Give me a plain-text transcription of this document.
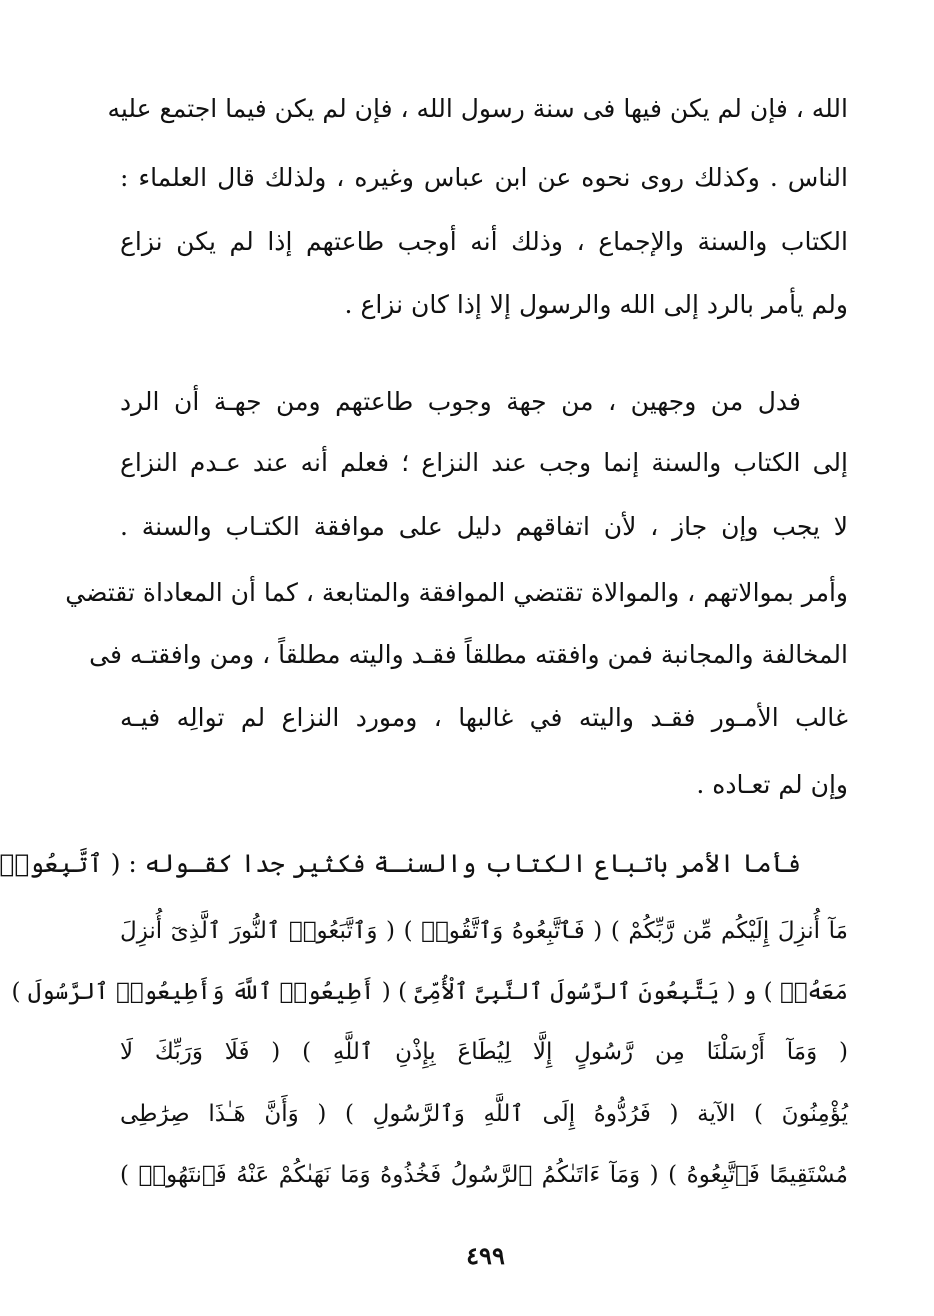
الله ، فإن لم يكن فيها فى سنة رسول الله ، فإن لم يكن فيما اجتمع عليه
الناس . وكذلك روى نحوه عن ابن عباس وغيره ، ولذلك قال العلماء :
الكتاب والسنة والإجماع ، وذلك أنه أوجب طاعتهم إذا لم يكن نزاع
ولم يأمر بالرد إلى الله والرسول إلا إذا كان نزاع .
فدل من وجهين ، من جهة وجوب طاعتهم ومن جهـة أن الرد
إلى الكتاب والسنة إنما وجب عند النزاع ؛ فعلم أنه عند عـدم النزاع
لا يجب وإن جاز ، لأن اتفاقهم دليل على موافقة الكتـاب والسنة .
وأمر بموالاتهم ، والموالاة تقتضي الموافقة والمتابعة ، كما أن المعاداة تقتضي
المخالفة والمجانبة فمن وافقته مطلقاً فقـد واليته مطلقاً ، ومن وافقتـه فى
غالب الأمـور فقـد واليته في غالبها ، ومورد النزاع لم توالِه فيـه
وإن لم تعـاده .
فأما الأمر باتباع الكتاب والسنـة فكثير جدا كقـوله : ( ٱتَّبِعُوا۟
مَآ أُنزِلَ إِلَيْكُم مِّن رَّبِّكُمْ ) ( فَٱتَّبِعُوهُ وَٱتَّقُوا۟ ) ( وَٱتَّبَعُوا۟ ٱلنُّورَ ٱلَّذِىٓ أُنزِلَ
مَعَهُۥٓ ) و ( يَتَّبِعُونَ ٱلرَّسُولَ ٱلنَّبِىَّ ٱلْأُمِّىَّ ) ( أَطِيعُوا۟ ٱللَّهَ وَأَطِيعُوا۟ ٱلرَّسُولَ )
( وَمَآ أَرْسَلْنَا مِن رَّسُولٍ إِلَّا لِيُطَاعَ بِإِذْنِ ٱللَّهِ ) ( فَلَا وَرَبِّكَ لَا
يُؤْمِنُونَ ) الآية ( فَرُدُّوهُ إِلَى ٱللَّهِ وَٱلرَّسُولِ ) ( وَأَنَّ هَـٰذَا صِرَٰطِى
مُسْتَقِيمًا فَٱتَّبِعُوهُ ) ( وَمَآ ءَاتَىٰكُمُ ٱلرَّسُولُ فَخُذُوهُ وَمَا نَهَىٰكُمْ عَنْهُ فَٱنتَهُوا۟ )
٤٩٩
